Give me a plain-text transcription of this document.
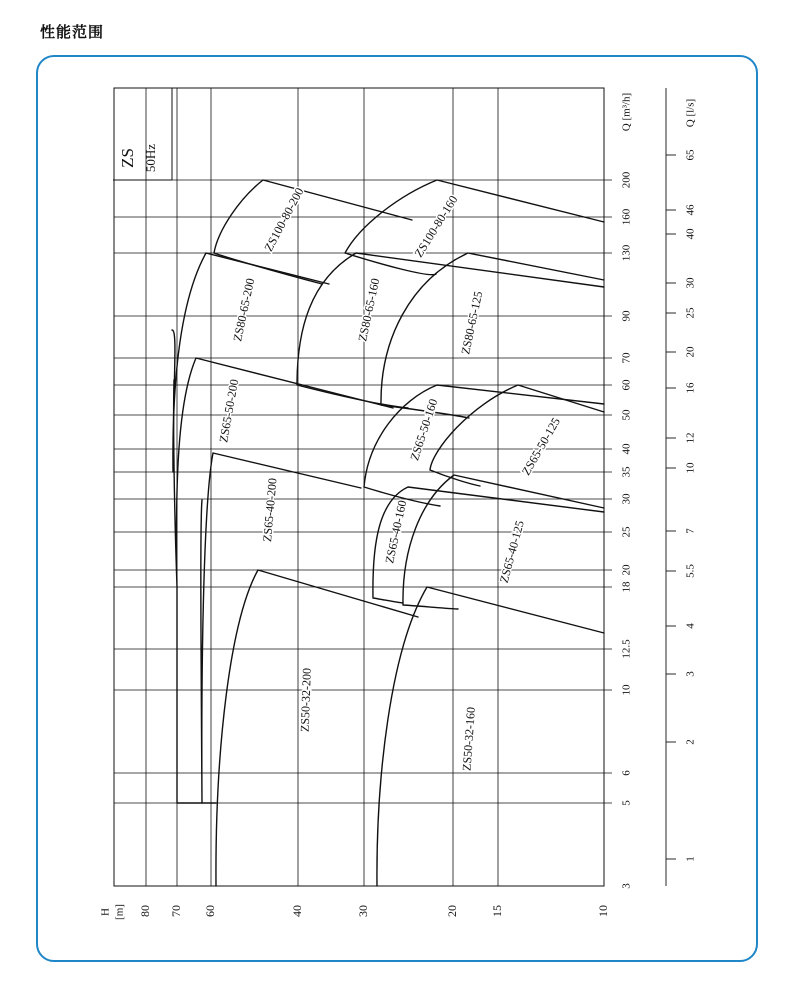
性能范围
80 70 60	40	30	20	15	10
H [m]
3
5
6
10
12.5
18
20
25
30
35
40
50
60
70
90
130
160
200
Q [m³/h]
1
2
3
4
5.5
7
10
12
16
20
25
30
40
46
65
Q [l/s]
ZS 50Hz
ZS100-80-200	ZS100-80-160
ZS80-65-200	ZS80-65-160	ZS80-65-125
ZS65-50-200	ZS65-50-160	ZS65-50-125
ZS65-40-200	ZS65-40-160	ZS65-40-125
ZS50-32-200
ZS50-32-160
